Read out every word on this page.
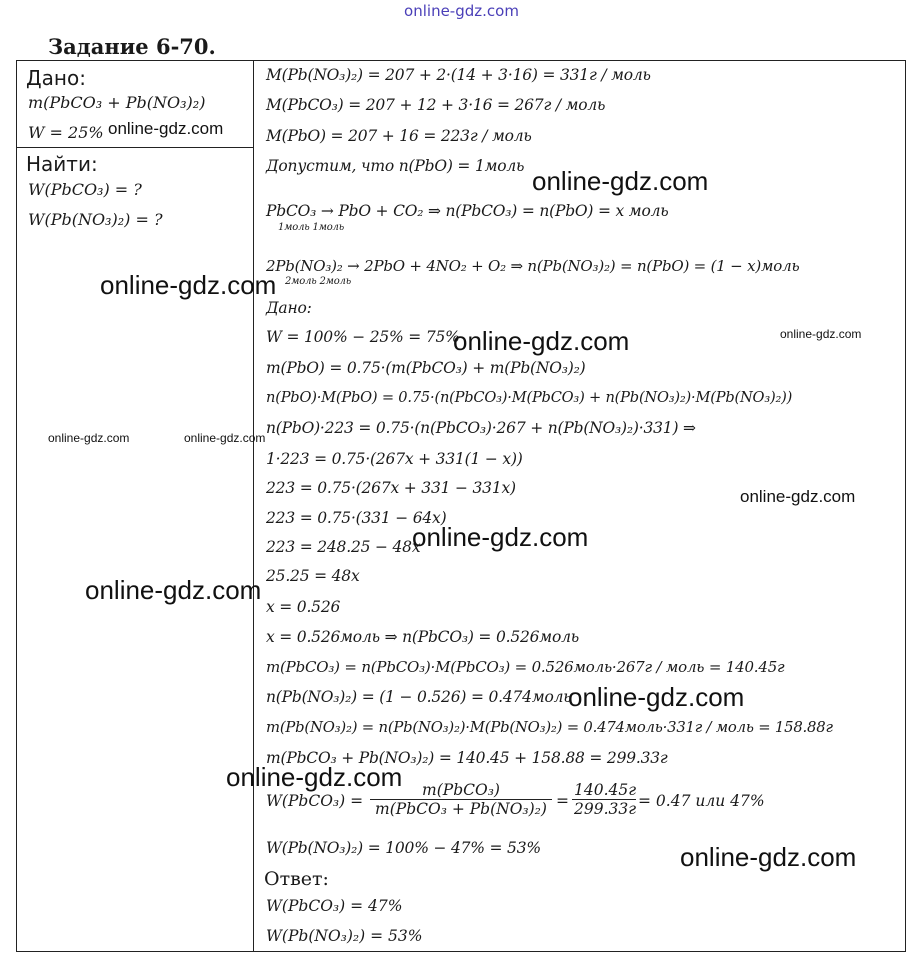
online-gdz.com
Задание 6-70.
Дано:
m(PbCO₃ + Pb(NO₃)₂)
W = 25%
Найти:
W(PbCO₃) = ?
W(Pb(NO₃)₂) = ?
M(Pb(NO₃)₂) = 207 + 2·(14 + 3·16) = 331г / моль
M(PbCO₃) = 207 + 12 + 3·16 = 267г / моль
M(PbO) = 207 + 16 = 223г / моль
Допустим, что n(PbO) = 1моль
PbCO₃ → PbO + CO₂ ⇒ n(PbCO₃) = n(PbO) = x моль
1моль 1моль
2Pb(NO₃)₂ → 2PbO + 4NO₂ + O₂ ⇒ n(Pb(NO₃)₂) = n(PbO) = (1 − x)моль
2моль 2моль
Дано:
W = 100% − 25% = 75%
m(PbO) = 0.75·(m(PbCO₃) + m(Pb(NO₃)₂)
n(PbO)·M(PbO) = 0.75·(n(PbCO₃)·M(PbCO₃) + n(Pb(NO₃)₂)·M(Pb(NO₃)₂))
n(PbO)·223 = 0.75·(n(PbCO₃)·267 + n(Pb(NO₃)₂)·331) ⇒
1·223 = 0.75·(267x + 331(1 − x))
223 = 0.75·(267x + 331 − 331x)
223 = 0.75·(331 − 64x)
223 = 248.25 − 48x
25.25 = 48x
x = 0.526
x = 0.526моль ⇒ n(PbCO₃) = 0.526моль
m(PbCO₃) = n(PbCO₃)·M(PbCO₃) = 0.526моль·267г / моль = 140.45г
n(Pb(NO₃)₂) = (1 − 0.526) = 0.474моль
m(Pb(NO₃)₂) = n(Pb(NO₃)₂)·M(Pb(NO₃)₂) = 0.474моль·331г / моль = 158.88г
m(PbCO₃ + Pb(NO₃)₂) = 140.45 + 158.88 = 299.33г
W(PbCO₃) =
m(PbCO₃)
m(PbCO₃ + Pb(NO₃)₂) =
140.45г
299.33г = 0.47 или 47%
W(Pb(NO₃)₂) = 100% − 47% = 53%
Ответ:
W(PbCO₃) = 47%
W(Pb(NO₃)₂) = 53%
online-gdz.com
online-gdz.com
online-gdz.com
online-gdz.com	online-gdz.com
online-gdz.com	online-gdz.com
online-gdz.com
online-gdz.com
online-gdz.com
online-gdz.com
online-gdz.com
online-gdz.com
